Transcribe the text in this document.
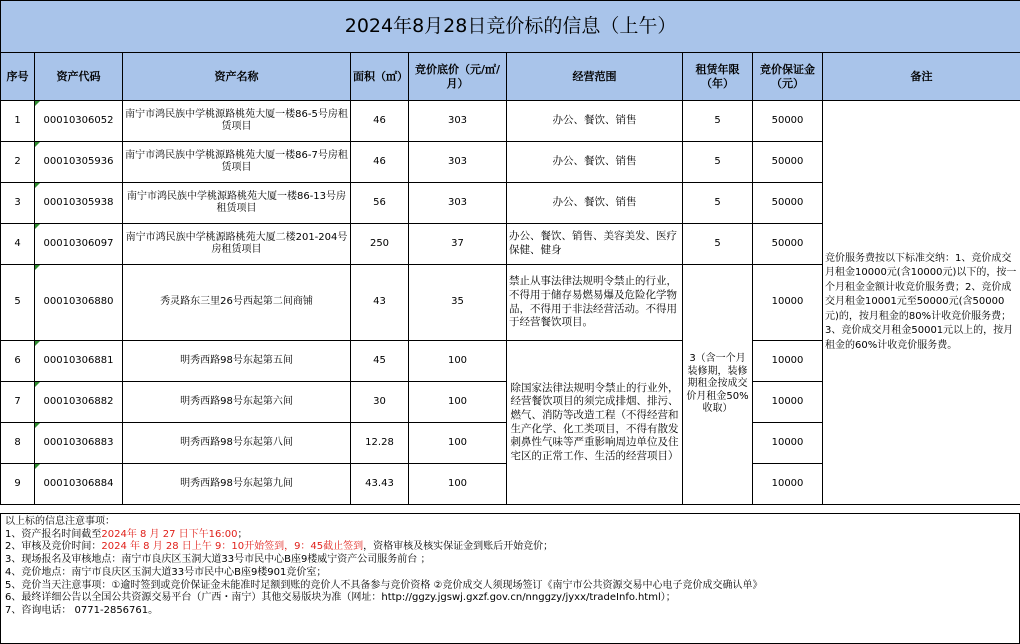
2024年8月28日竞价标的信息（上午）								
序号	资产代码	资产名称	面积（㎡）	竞价底价（元/㎡/月）	经营范围	租赁年限（年）	竞价保证金（元）	备注
1	00010306052	南宁市鸿民族中学桃源路桃苑大厦一楼86-5号房租赁项目	46	303	办公、餐饮、销售	5	50000	竞价服务费按以下标准交纳：1、竞价成交月租金10000元(含10000元)以下的，按一个月租金金额计收竞价服务费；2、竞价成交月租金10001元至50000元(含50000元)的，按月租金的80%计收竞价服务费；3、竞价成交月租金50001元以上的，按月租金的60%计收竞价服务费。
2	00010305936	南宁市鸿民族中学桃源路桃苑大厦一楼86-7号房租赁项目	46	303	办公、餐饮、销售	5	50000	
3	00010305938	南宁市鸿民族中学桃源路桃苑大厦一楼86-13号房租赁项目	56	303	办公、餐饮、销售	5	50000	
4	00010306097	南宁市鸿民族中学桃源路桃苑大厦二楼201-204号房租赁项目	250	37	办公、餐饮、销售、美容美发、医疗保健、健身	5	50000	
5	00010306880	秀灵路东三里26号西起第二间商铺	43	35	禁止从事法律法规明令禁止的行业，不得用于储存易燃易爆及危险化学物品，不得用于非法经营活动。不得用于经营餐饮项目。	3（含一个月装修期，装修期租金按成交价月租金50%收取）	10000	
6	00010306881	明秀西路98号东起第五间	45	100	除国家法律法规明令禁止的行业外，经营餐饮项目的须完成排烟、排污、燃气、消防等改造工程（不得经营和生产化学、化工类项目，不得有散发刺鼻性气味等严重影响周边单位及住宅区的正常工作、生活的经营项目）		10000	
7	00010306882	明秀西路98号东起第六间	30	100			10000	
8	00010306883	明秀西路98号东起第八间	12.28	100			10000	
9	00010306884	明秀西路98号东起第九间	43.43	100			10000	
以上标的信息注意事项：
1、资产报名时间截至2024年 8 月 27 日下午16:00；
2、审核及竞价时间：2024 年 8 月 28 日上午 9：10开始签到，9：45截止签到，资格审核及核实保证金到账后开始竞价；
3、现场报名及审核地点：南宁市良庆区玉洞大道33号市民中心B座9楼威宁资产公司服务前台 ；
4、竞价地点：南宁市良庆区玉洞大道33号市民中心B座9楼901竞价室；
5、竞价当天注意事项：①逾时签到或竞价保证金未能准时足额到账的竞价人不具备参与竞价资格 ②竞价成交人须现场签订《南宁市公共资源交易中心电子竞价成交确认单》
6、最终详细公告以全国公共资源交易平台（广西・南宁）其他交易版块为准（网址：http://ggzy.jgswj.gxzf.gov.cn/nnggzy/jyxx/tradeInfo.html）；
7、咨询电话： 0771-2856761。
